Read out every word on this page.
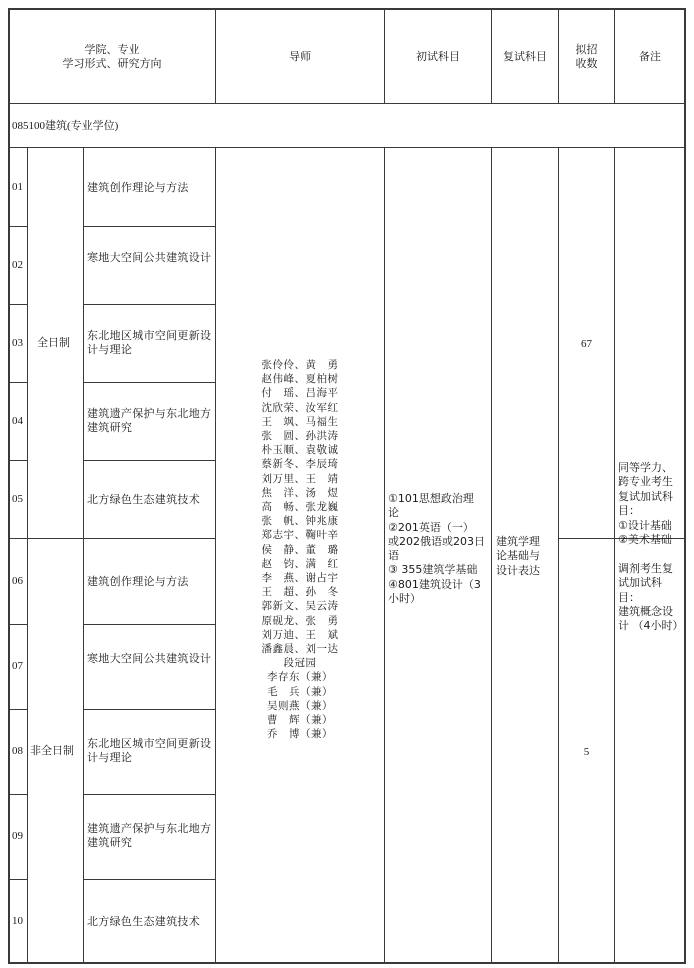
学院、专业
学习形式、研究方向
导师	初试科目	复试科目
拟招
收数
备注
085100建筑(专业学位)
全日制
非全日制
01
02
03
04
05
06
07
08
09
10
建筑创作理论与方法
寒地大空间公共建筑设计
东北地区城市空间更新设计与理论
建筑遗产保护与东北地方建筑研究
北方绿色生态建筑技术
建筑创作理论与方法
寒地大空间公共建筑设计
东北地区城市空间更新设计与理论
建筑遗产保护与东北地方建筑研究
北方绿色生态建筑技术
张伶伶、黄　勇
赵伟峰、夏柏树
付　瑶、吕海平
沈欣荣、汝军红
王　飒、马福生
张　圆、孙洪涛
朴玉顺、袁敬诚
蔡新冬、李辰琦
刘万里、王　靖
焦　洋、汤　煜
高　畅、张龙巍
张　帆、钟兆康
郑志宇、鞠叶辛
侯　静、董　璐
赵　钧、满　红
李　燕、谢占宇
王　超、孙　冬
郭新文、吴云涛
原砚龙、张　勇
刘万迪、王　斌
潘鑫晨、刘一达
段冠园
李存东（兼）
毛　兵（兼）
吴则燕（兼）
曹　辉（兼）
乔　博（兼）
①101思想政治理
论
②201英语（一）
或202俄语或203日
语
③ 355建筑学基础
④801建筑设计（3
小时）
建筑学理
论基础与
设计表达
67
5
同等学力、
跨专业考生
复试加试科
目：
①设计基础
②美术基础

调剂考生复
试加试科
目：
建筑概念设
计 （4小时）
